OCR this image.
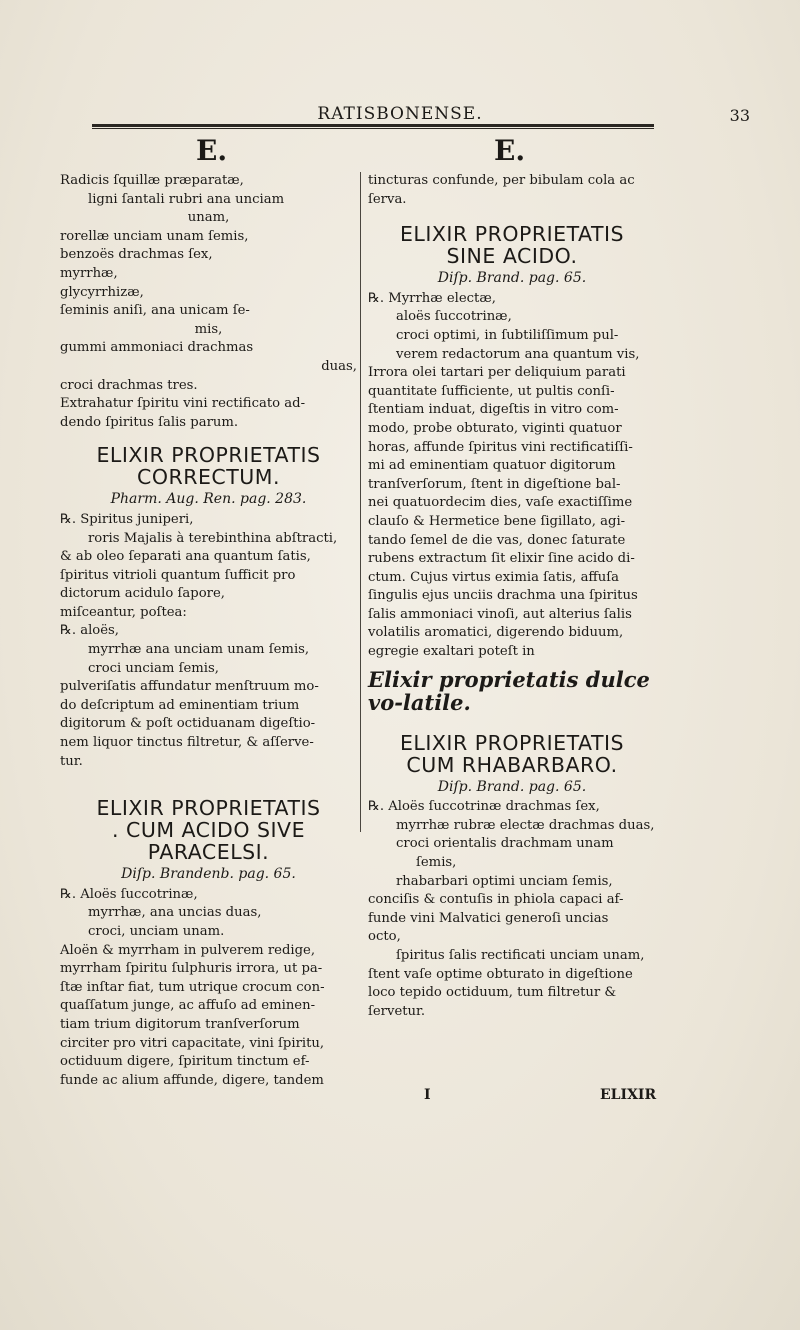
RATISBONENSE.	33
E.	E.
Radicis ſquillæ præparatæ,
ligni ſantali rubri ana unciam
unam,
rorellæ unciam unam ſemis,
benzoës drachmas ſex,
myrrhæ,
glycyrrhizæ,
ſeminis aniſi, ana unicam ſe-
mis,
gummi ammoniaci drachmas
duas,
croci drachmas tres.
Extrahatur ſpiritu vini rectificato ad-
dendo ſpiritus ſalis parum.
ELIXIR PROPRIETATIS
CORRECTUM.
Pharm. Aug. Ren. pag. 283.
℞. Spiritus juniperi,
roris Majalis à terebinthina abſtracti,
& ab oleo ſeparati ana quantum ſatis,
ſpiritus vitrioli quantum ſufficit pro
dictorum acidulo ſapore,
miſceantur, poſtea:
℞. aloës,
myrrhæ ana unciam unam ſemis,
croci unciam ſemis,
pulveriſatis affundatur menſtruum mo-
do deſcriptum ad eminentiam trium
digitorum & poſt octiduanam digeſtio-
nem liquor tinctus filtretur, & aſſerve-
tur.
ELIXIR PROPRIETATIS
. CUM ACIDO SIVE
PARACELSI.
Diſp. Brandenb. pag. 65.
℞. Aloës ſuccotrinæ,
myrrhæ, ana uncias duas,
croci, unciam unam.
Aloën & myrrham in pulverem redige,
myrrham ſpiritu ſulphuris irrora, ut pa-
ſtæ inſtar fiat, tum utrique crocum con-
quaſſatum junge, ac affuſo ad eminen-
tiam trium digitorum tranſverſorum
circiter pro vitri capacitate, vini ſpiritu,
octiduum digere, ſpiritum tinctum ef-
funde ac alium affunde, digere, tandem
tincturas confunde, per bibulam cola ac
ſerva.
ELIXIR PROPRIETATIS
SINE ACIDO.
Diſp. Brand. pag. 65.
℞. Myrrhæ electæ,
aloës ſuccotrinæ,
croci optimi, in ſubtiliſſimum pul-
verem redactorum ana quantum vis,
Irrora olei tartari per deliquium parati
quantitate ſufficiente, ut pultis conſi-
ſtentiam induat, digeſtis in vitro com-
modo, probe obturato, viginti quatuor
horas, affunde ſpiritus vini rectificatiſſi-
mi ad eminentiam quatuor digitorum
tranſverſorum, ſtent in digeſtione bal-
nei quatuordecim dies, vaſe exactiſſime
clauſo & Hermetice bene ſigillato, agi-
tando ſemel de die vas, donec ſaturate
rubens extractum ſit elixir ſine acido di-
ctum. Cujus virtus eximia ſatis, affuſa
ſingulis ejus unciis drachma una ſpiritus
ſalis ammoniaci vinoſi, aut alterius ſalis
volatilis aromatici, digerendo biduum,
egregie exaltari poteſt in
Elixir proprietatis dulce vo-latile.
ELIXIR PROPRIETATIS
CUM RHABARBARO.
Diſp. Brand. pag. 65.
℞. Aloës ſuccotrinæ drachmas ſex,
myrrhæ rubræ electæ drachmas duas,
croci orientalis drachmam unam
ſemis,
rhabarbari optimi unciam ſemis,
conciſis & contuſis in phiola capaci af-
funde vini Malvatici generoſi uncias
octo,
ſpiritus ſalis rectificati unciam unam,
ſtent vaſe optime obturato in digeſtione
loco tepido octiduum, tum filtretur &
ſervetur.
I	ELIXIR
